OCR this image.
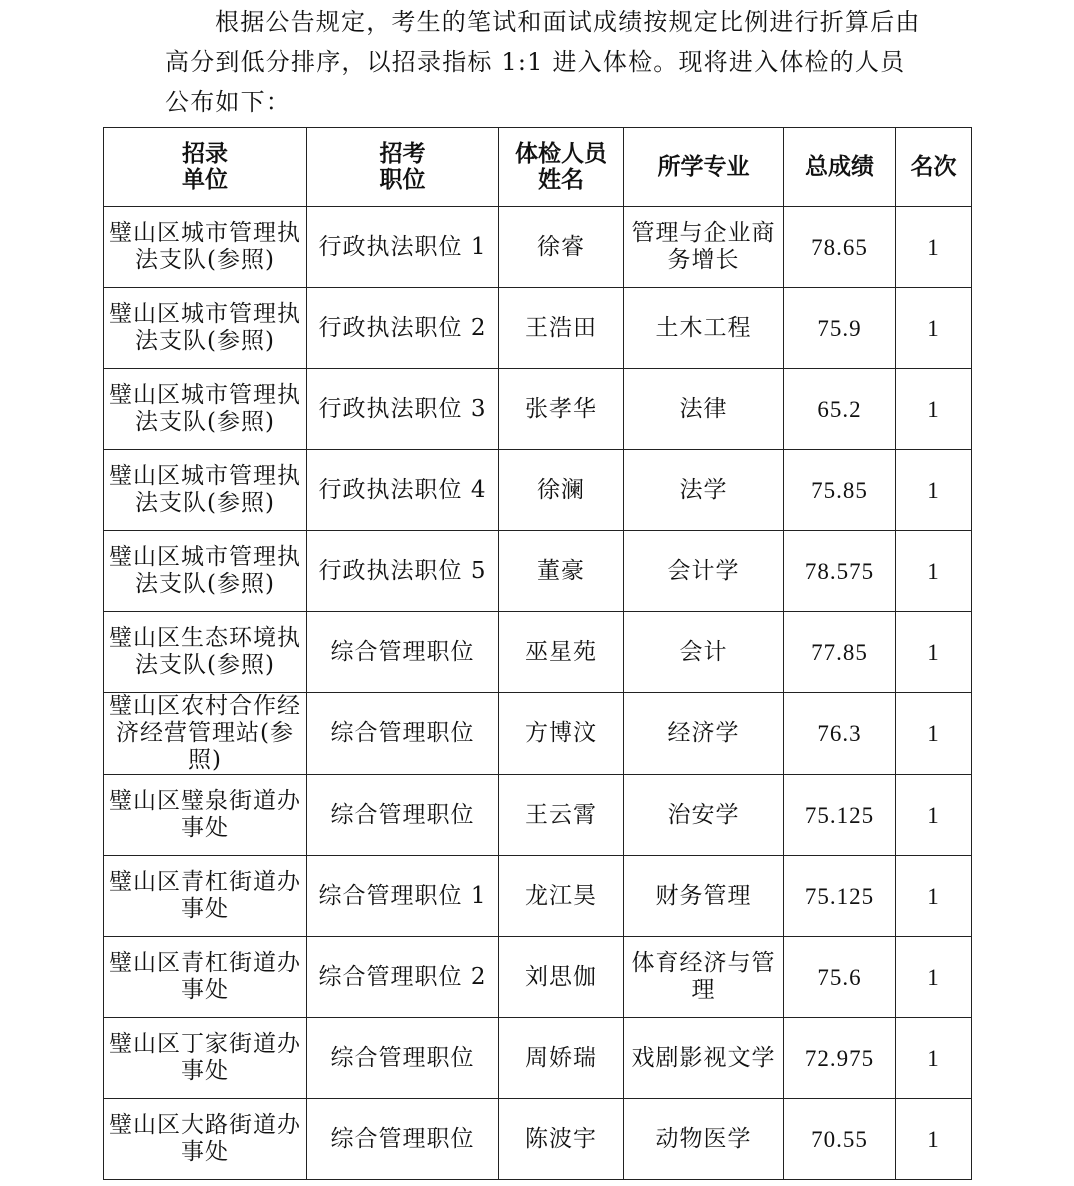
根据公告规定，考生的笔试和面试成绩按规定比例进行折算后由高分到低分排序，以招录指标 1:1 进入体检。现将进入体检的人员公布如下：

招录单位	招考职位	体检人员姓名	所学专业	总成绩	名次
璧山区城市管理执法支队(参照)	行政执法职位 1	徐睿	管理与企业商务增长	78.65	1
璧山区城市管理执法支队(参照)	行政执法职位 2	王浩田	土木工程	75.9	1
璧山区城市管理执法支队(参照)	行政执法职位 3	张孝华	法律	65.2	1
璧山区城市管理执法支队(参照)	行政执法职位 4	徐澜	法学	75.85	1
璧山区城市管理执法支队(参照)	行政执法职位 5	董豪	会计学	78.575	1
璧山区生态环境执法支队(参照)	综合管理职位	巫星苑	会计	77.85	1
璧山区农村合作经济经营管理站(参照)	综合管理职位	方博汶	经济学	76.3	1
璧山区璧泉街道办事处	综合管理职位	王云霄	治安学	75.125	1
璧山区青杠街道办事处	综合管理职位 1	龙江昊	财务管理	75.125	1
璧山区青杠街道办事处	综合管理职位 2	刘思伽	体育经济与管理	75.6	1
璧山区丁家街道办事处	综合管理职位	周娇瑞	戏剧影视文学	72.975	1
璧山区大路街道办事处	综合管理职位	陈波宇	动物医学	70.55	1
